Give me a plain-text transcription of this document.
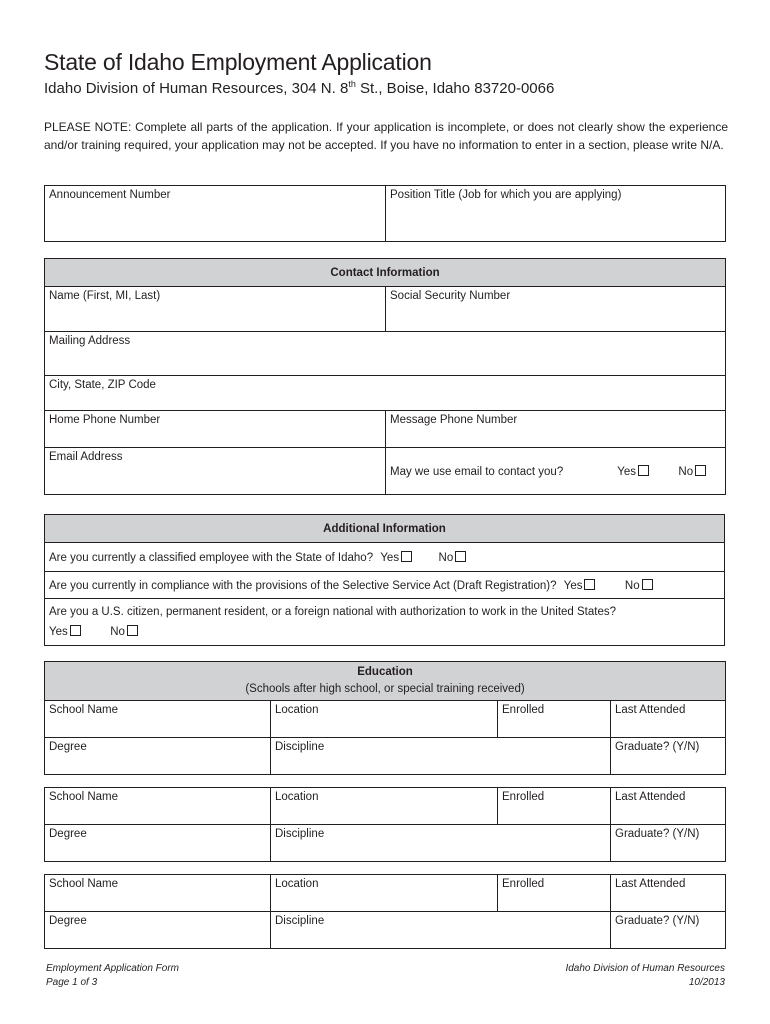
State of Idaho Employment Application
Idaho Division of Human Resources, 304 N. 8th St., Boise, Idaho 83720-0066
PLEASE NOTE: Complete all parts of the application. If your application is incomplete, or does not clearly show the experience and/or training required, your application may not be accepted. If you have no information to enter in a section, please write N/A.
Announcement Number	Position Title (Job for which you are applying)
Contact Information	
Name (First, MI, Last)	Social Security Number
Mailing Address	
City, State, ZIP Code	
Home Phone Number	Message Phone Number
Email Address	May we use email to contact you? Yes No
Additional Information
Are you currently a classified employee with the State of Idaho? Yes	No
Are you currently in compliance with the provisions of the Selective Service Act (Draft Registration)? Yes	No

Are you a U.S. citizen, permanent resident, or a foreign national with authorization to work in the United States?
Yes	No
Education
(Schools after high school, or special training received)			

School Name	Location	Enrolled	Last Attended
Degree	Discipline		Graduate? (Y/N)
School Name	Location	Enrolled	Last Attended
Degree	Discipline		Graduate? (Y/N)
School Name	Location	Enrolled	Last Attended
Degree	Discipline		Graduate? (Y/N)
Employment Application Form
Page 1 of 3
Idaho Division of Human Resources
10/2013
